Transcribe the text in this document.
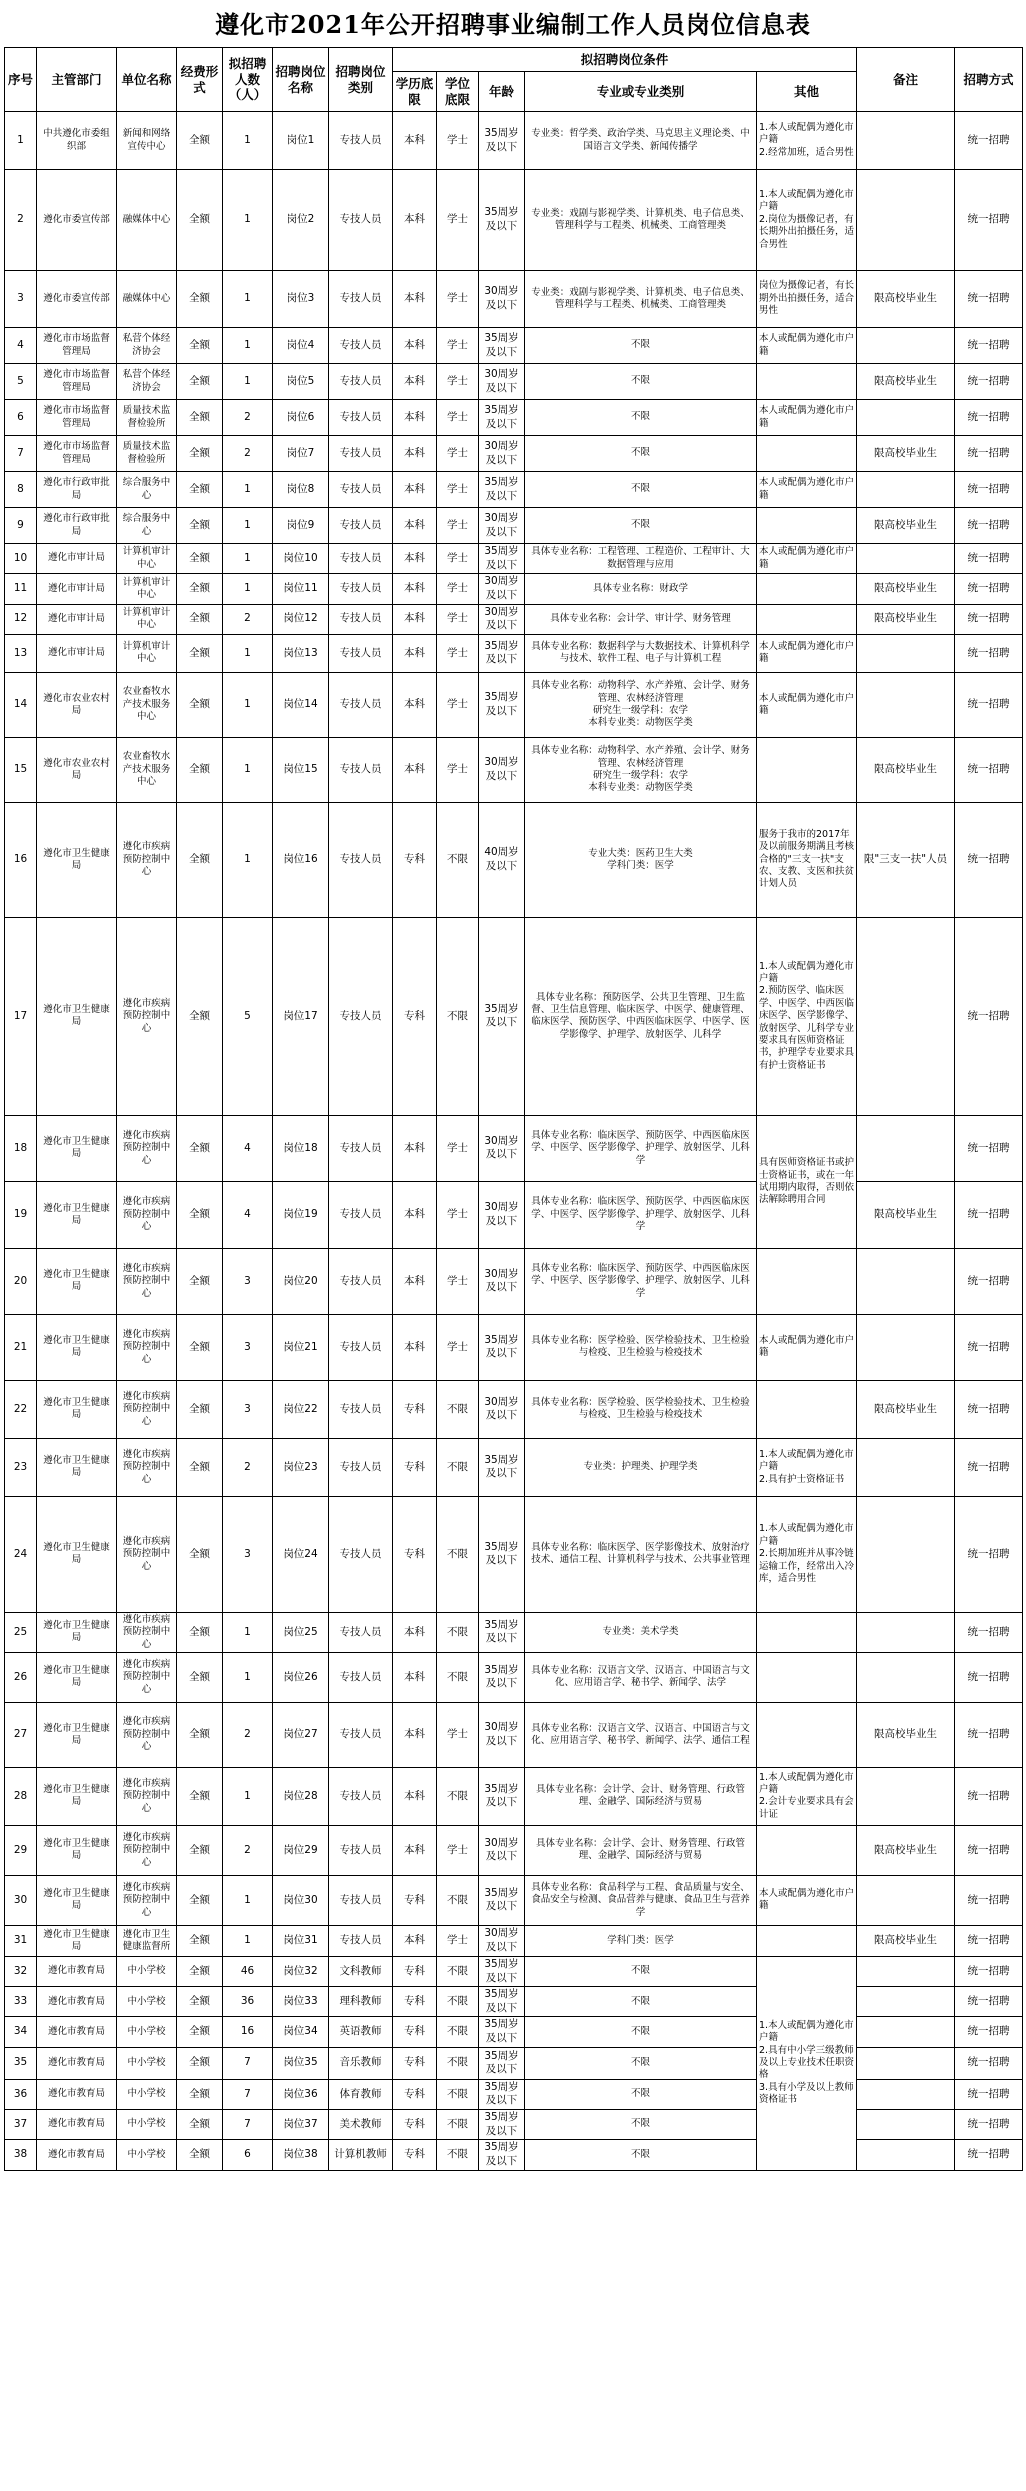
遵化市2021年公开招聘事业编制工作人员岗位信息表
序号	主管部门	单位名称	经费形式	拟招聘人数（人）	招聘岗位名称	招聘岗位类别	拟招聘岗位条件					备注	招聘方式
							学历底限	学位底限	年龄	专业或专业类别	其他		
1	中共遵化市委组织部	新闻和网络宣传中心	全额	1	岗位1	专技人员	本科	学士	35周岁及以下	专业类：哲学类、政治学类、马克思主义理论类、中国语言文学类、新闻传播学	1.本人或配偶为遵化市户籍
2.经常加班，适合男性		统一招聘
2	遵化市委宣传部	融媒体中心	全额	1	岗位2	专技人员	本科	学士	35周岁及以下	专业类：戏剧与影视学类、计算机类、电子信息类、管理科学与工程类、机械类、工商管理类	1.本人或配偶为遵化市户籍
2.岗位为摄像记者，有长期外出拍摄任务，适合男性		统一招聘
3	遵化市委宣传部	融媒体中心	全额	1	岗位3	专技人员	本科	学士	30周岁及以下	专业类：戏剧与影视学类、计算机类、电子信息类、管理科学与工程类、机械类、工商管理类	岗位为摄像记者，有长期外出拍摄任务，适合男性	限高校毕业生	统一招聘
4	遵化市市场监督管理局	私营个体经济协会	全额	1	岗位4	专技人员	本科	学士	35周岁及以下	不限	本人或配偶为遵化市户籍		统一招聘
5	遵化市市场监督管理局	私营个体经济协会	全额	1	岗位5	专技人员	本科	学士	30周岁及以下	不限		限高校毕业生	统一招聘
6	遵化市市场监督管理局	质量技术监督检验所	全额	2	岗位6	专技人员	本科	学士	35周岁及以下	不限	本人或配偶为遵化市户籍		统一招聘
7	遵化市市场监督管理局	质量技术监督检验所	全额	2	岗位7	专技人员	本科	学士	30周岁及以下	不限		限高校毕业生	统一招聘
8	遵化市行政审批局	综合服务中心	全额	1	岗位8	专技人员	本科	学士	35周岁及以下	不限	本人或配偶为遵化市户籍		统一招聘
9	遵化市行政审批局	综合服务中心	全额	1	岗位9	专技人员	本科	学士	30周岁及以下	不限		限高校毕业生	统一招聘
10	遵化市审计局	计算机审计中心	全额	1	岗位10	专技人员	本科	学士	35周岁及以下	具体专业名称：工程管理、工程造价、工程审计、大数据管理与应用	本人或配偶为遵化市户籍		统一招聘
11	遵化市审计局	计算机审计中心	全额	1	岗位11	专技人员	本科	学士	30周岁及以下	具体专业名称：财政学		限高校毕业生	统一招聘
12	遵化市审计局	计算机审计中心	全额	2	岗位12	专技人员	本科	学士	30周岁及以下	具体专业名称：会计学、审计学、财务管理		限高校毕业生	统一招聘
13	遵化市审计局	计算机审计中心	全额	1	岗位13	专技人员	本科	学士	35周岁及以下	具体专业名称：数据科学与大数据技术、计算机科学与技术、软件工程、电子与计算机工程	本人或配偶为遵化市户籍		统一招聘
14	遵化市农业农村局	农业畜牧水产技术服务中心	全额	1	岗位14	专技人员	本科	学士	35周岁及以下	具体专业名称：动物科学、水产养殖、会计学、财务管理、农林经济管理
研究生一级学科：农学
本科专业类：动物医学类	本人或配偶为遵化市户籍		统一招聘
15	遵化市农业农村局	农业畜牧水产技术服务中心	全额	1	岗位15	专技人员	本科	学士	30周岁及以下	具体专业名称：动物科学、水产养殖、会计学、财务管理、农林经济管理
研究生一级学科：农学
本科专业类：动物医学类		限高校毕业生	统一招聘
16	遵化市卫生健康局	遵化市疾病预防控制中心	全额	1	岗位16	专技人员	专科	不限	40周岁及以下	专业大类：医药卫生大类
学科门类：医学	服务于我市的2017年及以前服务期满且考核合格的"三支一扶"支农、支教、支医和扶贫计划人员	限"三支一扶"人员	统一招聘
17	遵化市卫生健康局	遵化市疾病预防控制中心	全额	5	岗位17	专技人员	专科	不限	35周岁及以下	具体专业名称：预防医学、公共卫生管理、卫生监督、卫生信息管理、临床医学、中医学、健康管理、临床医学、预防医学、中西医临床医学、中医学、医学影像学、护理学、放射医学、儿科学	1.本人或配偶为遵化市户籍
2.预防医学、临床医学、中医学、中西医临床医学、医学影像学、放射医学、儿科学专业要求具有医师资格证书，护理学专业要求具有护士资格证书		统一招聘
18	遵化市卫生健康局	遵化市疾病预防控制中心	全额	4	岗位18	专技人员	本科	学士	30周岁及以下	具体专业名称：临床医学、预防医学、中西医临床医学、中医学、医学影像学、护理学、放射医学、儿科学	具有医师资格证书或护士资格证书，或在一年试用期内取得，否则依法解除聘用合同		统一招聘
19	遵化市卫生健康局	遵化市疾病预防控制中心	全额	4	岗位19	专技人员	本科	学士	30周岁及以下	具体专业名称：临床医学、预防医学、中西医临床医学、中医学、医学影像学、护理学、放射医学、儿科学		限高校毕业生	统一招聘
20	遵化市卫生健康局	遵化市疾病预防控制中心	全额	3	岗位20	专技人员	本科	学士	30周岁及以下	具体专业名称：临床医学、预防医学、中西医临床医学、中医学、医学影像学、护理学、放射医学、儿科学			统一招聘
21	遵化市卫生健康局	遵化市疾病预防控制中心	全额	3	岗位21	专技人员	本科	学士	35周岁及以下	具体专业名称：医学检验、医学检验技术、卫生检验与检疫、卫生检验与检疫技术	本人或配偶为遵化市户籍		统一招聘
22	遵化市卫生健康局	遵化市疾病预防控制中心	全额	3	岗位22	专技人员	专科	不限	30周岁及以下	具体专业名称：医学检验、医学检验技术、卫生检验与检疫、卫生检验与检疫技术		限高校毕业生	统一招聘
23	遵化市卫生健康局	遵化市疾病预防控制中心	全额	2	岗位23	专技人员	专科	不限	35周岁及以下	专业类：护理类、护理学类	1.本人或配偶为遵化市户籍
2.具有护士资格证书		统一招聘
24	遵化市卫生健康局	遵化市疾病预防控制中心	全额	3	岗位24	专技人员	专科	不限	35周岁及以下	具体专业名称：临床医学、医学影像技术、放射治疗技术、通信工程、计算机科学与技术、公共事业管理	1.本人或配偶为遵化市户籍
2.长期加班并从事冷链运输工作，经常出入冷库，适合男性		统一招聘
25	遵化市卫生健康局	遵化市疾病预防控制中心	全额	1	岗位25	专技人员	本科	不限	35周岁及以下	专业类：美术学类			统一招聘
26	遵化市卫生健康局	遵化市疾病预防控制中心	全额	1	岗位26	专技人员	本科	不限	35周岁及以下	具体专业名称：汉语言文学、汉语言、中国语言与文化、应用语言学、秘书学、新闻学、法学			统一招聘
27	遵化市卫生健康局	遵化市疾病预防控制中心	全额	2	岗位27	专技人员	本科	学士	30周岁及以下	具体专业名称：汉语言文学、汉语言、中国语言与文化、应用语言学、秘书学、新闻学、法学、通信工程		限高校毕业生	统一招聘
28	遵化市卫生健康局	遵化市疾病预防控制中心	全额	1	岗位28	专技人员	本科	不限	35周岁及以下	具体专业名称：会计学、会计、财务管理、行政管理、金融学、国际经济与贸易	1.本人或配偶为遵化市户籍
2.会计专业要求具有会计证		统一招聘
29	遵化市卫生健康局	遵化市疾病预防控制中心	全额	2	岗位29	专技人员	本科	学士	30周岁及以下	具体专业名称：会计学、会计、财务管理、行政管理、金融学、国际经济与贸易		限高校毕业生	统一招聘
30	遵化市卫生健康局	遵化市疾病预防控制中心	全额	1	岗位30	专技人员	专科	不限	35周岁及以下	具体专业名称：食品科学与工程、食品质量与安全、食品安全与检测、食品营养与健康、食品卫生与营养学	本人或配偶为遵化市户籍		统一招聘
31	遵化市卫生健康局	遵化市卫生健康监督所	全额	1	岗位31	专技人员	本科	学士	30周岁及以下	学科门类：医学		限高校毕业生	统一招聘
32	遵化市教育局	中小学校	全额	46	岗位32	文科教师	专科	不限	35周岁及以下	不限	1.本人或配偶为遵化市户籍
2.具有中小学三级教师及以上专业技术任职资格
3.具有小学及以上教师资格证书		统一招聘
33	遵化市教育局	中小学校	全额	36	岗位33	理科教师	专科	不限	35周岁及以下	不限			统一招聘
34	遵化市教育局	中小学校	全额	16	岗位34	英语教师	专科	不限	35周岁及以下	不限			统一招聘
35	遵化市教育局	中小学校	全额	7	岗位35	音乐教师	专科	不限	35周岁及以下	不限			统一招聘
36	遵化市教育局	中小学校	全额	7	岗位36	体育教师	专科	不限	35周岁及以下	不限			统一招聘
37	遵化市教育局	中小学校	全额	7	岗位37	美术教师	专科	不限	35周岁及以下	不限			统一招聘
38	遵化市教育局	中小学校	全额	6	岗位38	计算机教师	专科	不限	35周岁及以下	不限			统一招聘
